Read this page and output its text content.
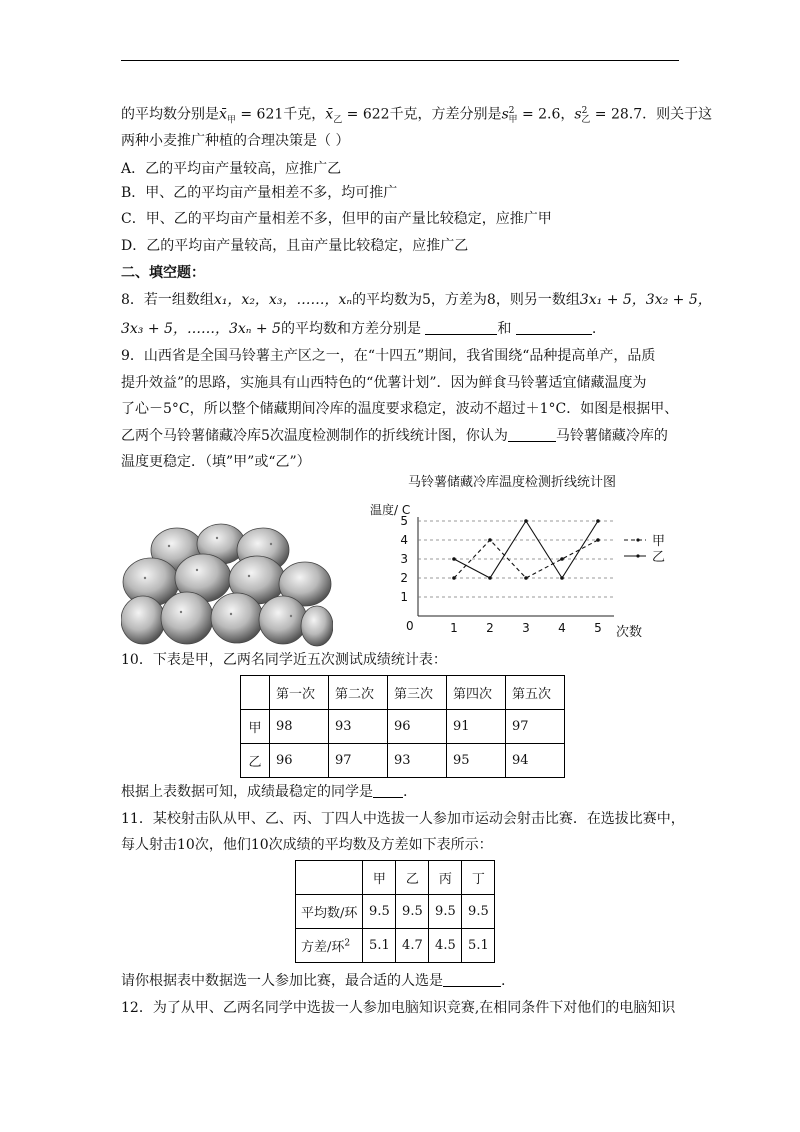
的平均数分别是$x̄_甲 = 621$千克，$x̄_乙 = 622$千克，方差分别是$s^2_甲 = 2.6$，$s^2_乙 = 28.7$．则关于这
两种小麦推广种植的合理决策是（ ）
A．乙的平均亩产量较高，应推广乙
B．甲、乙的平均亩产量相差不多，均可推广
C．甲、乙的平均亩产量相差不多，但甲的亩产量比较稳定，应推广甲
D．乙的平均亩产量较高，且亩产量比较稳定，应推广乙
二、填空题：
8．若一组数组x₁，x₂，x₃，……，xₙ的平均数为5，方差为8，则另一数组3x₁ + 5，3x₂ + 5，
3x₃ + 5，……，3xₙ + 5的平均数和方差分别是	和	.
9．山西省是全国马铃薯主产区之一，在“十四五”期间，我省围绕“品种提高单产，品质
提升效益”的思路，实施具有山西特色的“优薯计划”．因为鲜食马铃薯适宜储藏温度为
了心－5°C，所以整个储藏期间冷库的温度要求稳定，波动不超过＋1°C．如图是根据甲、
乙两个马铃薯储藏冷库5次温度检测制作的折线统计图，你认为	马铃薯储藏冷库的
温度更稳定．（填”甲”或“乙”）
马铃薯储藏冷库温度检测折线统计图
温度/ C
次数
0
1
2
3
4
5
1 2 3 4 5
甲
乙
10．下表是甲，乙两名同学近五次测试成绩统计表：
	第一次	第二次	第三次	第四次	第五次
甲	98	93	96	91	97
乙	96	97	93	95	94
根据上表数据可知，成绩最稳定的同学是 .
11．某校射击队从甲、乙、丙、丁四人中选拔一人参加市运动会射击比赛．在选拔比赛中，
每人射击10次，他们10次成绩的平均数及方差如下表所示：
	甲	乙	丙	丁
平均数/环	9.5	9.5	9.5	9.5
方差/环$^2$	5.1	4.7	4.5	5.1
请你根据表中数据选一人参加比赛，最合适的人选是	.
12．为了从甲、乙两名同学中选拔一人参加电脑知识竞赛,在相同条件下对他们的电脑知识
